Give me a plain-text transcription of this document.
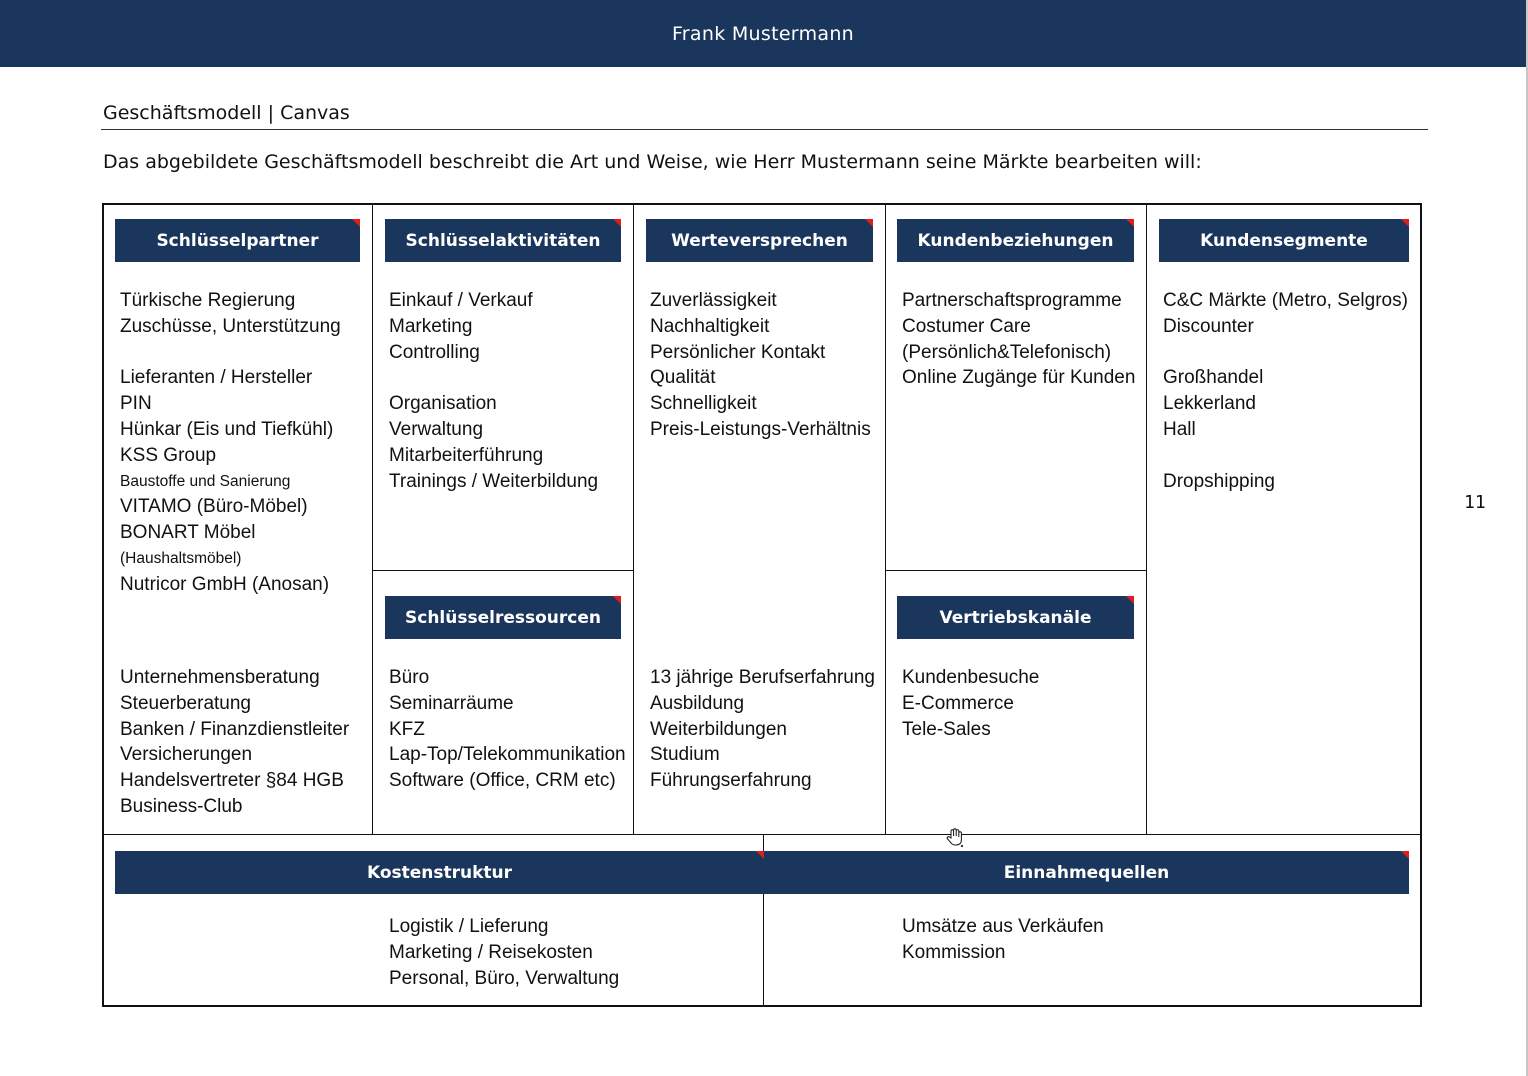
Frank Mustermann
Geschäftsmodell | Canvas
Das abgebildete Geschäftsmodell beschreibt die Art und Weise, wie Herr Mustermann seine Märkte bearbeiten will:
11
Schlüsselpartner	Schlüsselaktivitäten	Werteversprechen	Kundenbeziehungen	Kundensegmente
Schlüsselressourcen	Vertriebskanäle
Kostenstruktur	Einnahmequellen
Türkische Regierung
Zuschüsse, Unterstützung
Lieferanten / Hersteller
PIN
Hünkar (Eis und Tiefkühl)
KSS Group
Baustoffe und Sanierung
VITAMO (Büro-Möbel)
BONART Möbel
(Haushaltsmöbel)
Nutricor GmbH (Anosan)
Unternehmensberatung
Steuerberatung
Banken / Finanzdienstleiter
Versicherungen
Handelsvertreter §84 HGB
Business-Club
Einkauf / Verkauf
Marketing
Controlling
Organisation
Verwaltung
Mitarbeiterführung
Trainings / Weiterbildung
Büro
Seminarräume
KFZ
Lap-Top/Telekommunikation
Software (Office, CRM etc)
Zuverlässigkeit
Nachhaltigkeit
Persönlicher Kontakt
Qualität
Schnelligkeit
Preis-Leistungs-Verhältnis
13 jährige Berufserfahrung
Ausbildung
Weiterbildungen
Studium
Führungserfahrung
Partnerschaftsprogramme
Costumer Care
(Persönlich&Telefonisch)
Online Zugänge für Kunden
Kundenbesuche
E-Commerce
Tele-Sales
C&C Märkte (Metro, Selgros)
Discounter
Großhandel
Lekkerland
Hall
Dropshipping
Logistik / Lieferung
Marketing / Reisekosten
Personal, Büro, Verwaltung
Umsätze aus Verkäufen
Kommission
